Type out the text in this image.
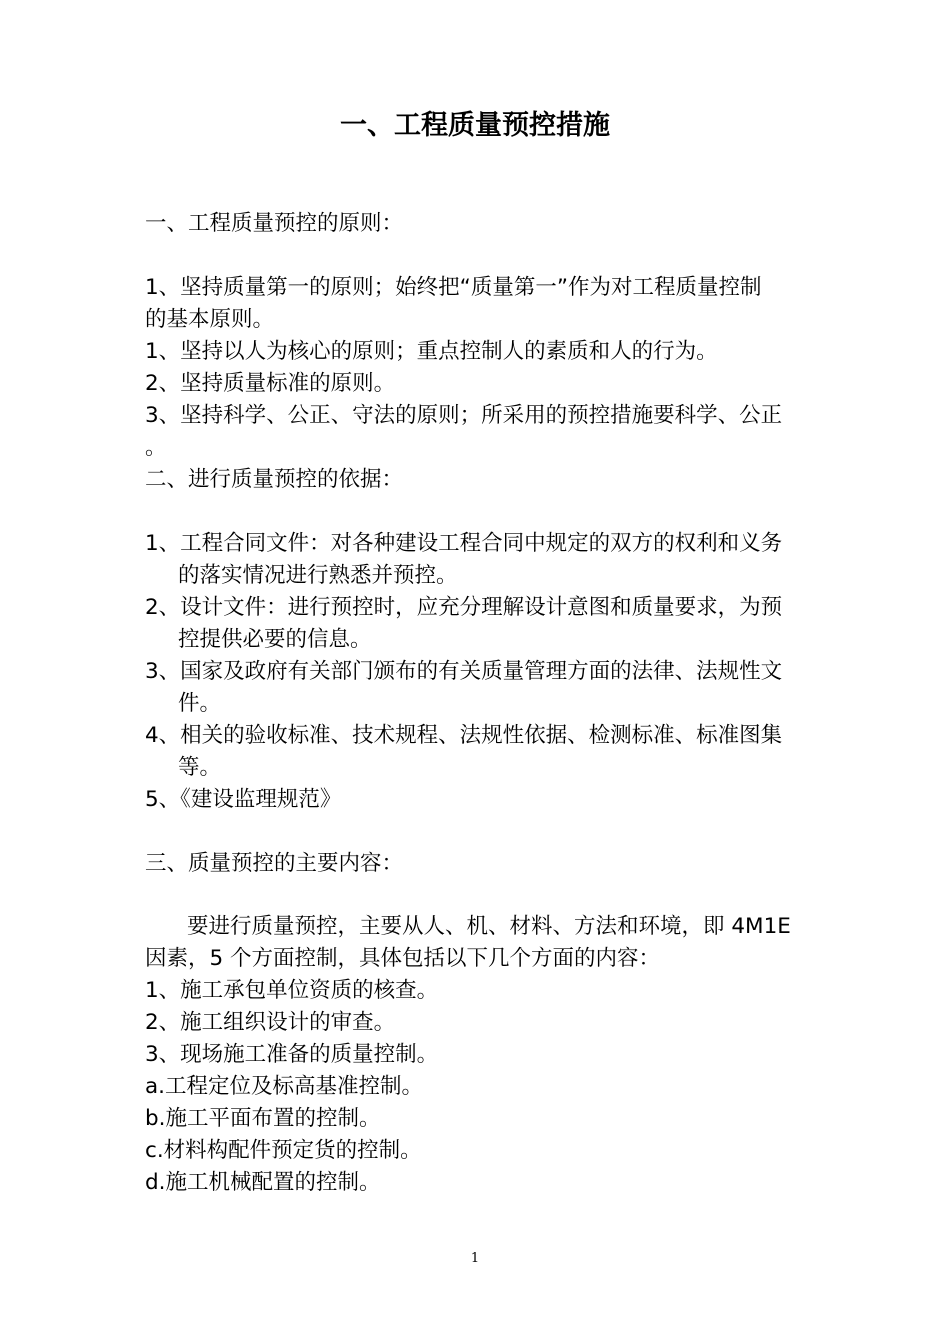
一、工程质量预控措施

一、工程质量预控的原则：

1、坚持质量第一的原则；始终把“质量第一”作为对工程质量控制

的基本原则。

1、坚持以人为核心的原则；重点控制人的素质和人的行为。

2、坚持质量标准的原则。

3、坚持科学、公正、守法的原则；所采用的预控措施要科学、公正

。

二、进行质量预控的依据：

1、工程合同文件：对各种建设工程合同中规定的双方的权利和义务

的落实情况进行熟悉并预控。

2、设计文件：进行预控时，应充分理解设计意图和质量要求，为预

控提供必要的信息。

3、国家及政府有关部门颁布的有关质量管理方面的法律、法规性文

件。

4、相关的验收标准、技术规程、法规性依据、检测标准、标准图集

等。

5、《建设监理规范》

三、质量预控的主要内容：

要进行质量预控，主要从人、机、材料、方法和环境，即 4M1E

因素，5 个方面控制，具体包括以下几个方面的内容：

1、施工承包单位资质的核查。

2、施工组织设计的审查。

3、现场施工准备的质量控制。

a.工程定位及标高基准控制。

b.施工平面布置的控制。

c.材料构配件预定货的控制。

d.施工机械配置的控制。

1
